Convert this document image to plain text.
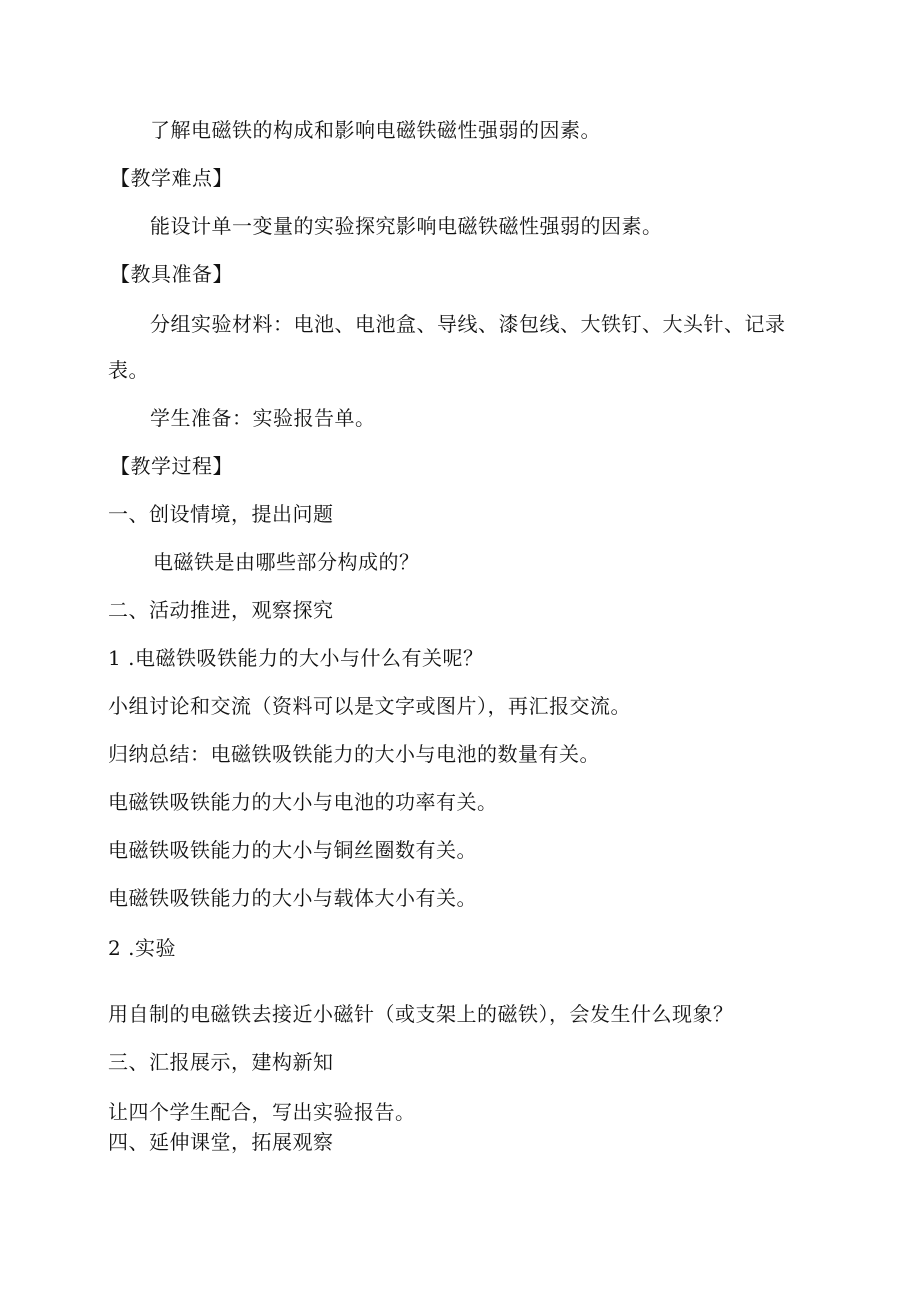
了解电磁铁的构成和影响电磁铁磁性强弱的因素。
【教学难点】
能设计单一变量的实验探究影响电磁铁磁性强弱的因素。
【教具准备】
分组实验材料：电池、电池盒、导线、漆包线、大铁钉、大头针、记录
表。
学生准备：实验报告单。
【教学过程】
一、创设情境，提出问题
电磁铁是由哪些部分构成的？
二、活动推进，观察探究
1 .电磁铁吸铁能力的大小与什么有关呢？
小组讨论和交流（资料可以是文字或图片），再汇报交流。
归纳总结：电磁铁吸铁能力的大小与电池的数量有关。
电磁铁吸铁能力的大小与电池的功率有关。
电磁铁吸铁能力的大小与铜丝圈数有关。
电磁铁吸铁能力的大小与载体大小有关。
2 .实验
用自制的电磁铁去接近小磁针（或支架上的磁铁），会发生什么现象？
三、汇报展示，建构新知
让四个学生配合，写出实验报告。
四、延伸课堂，拓展观察
